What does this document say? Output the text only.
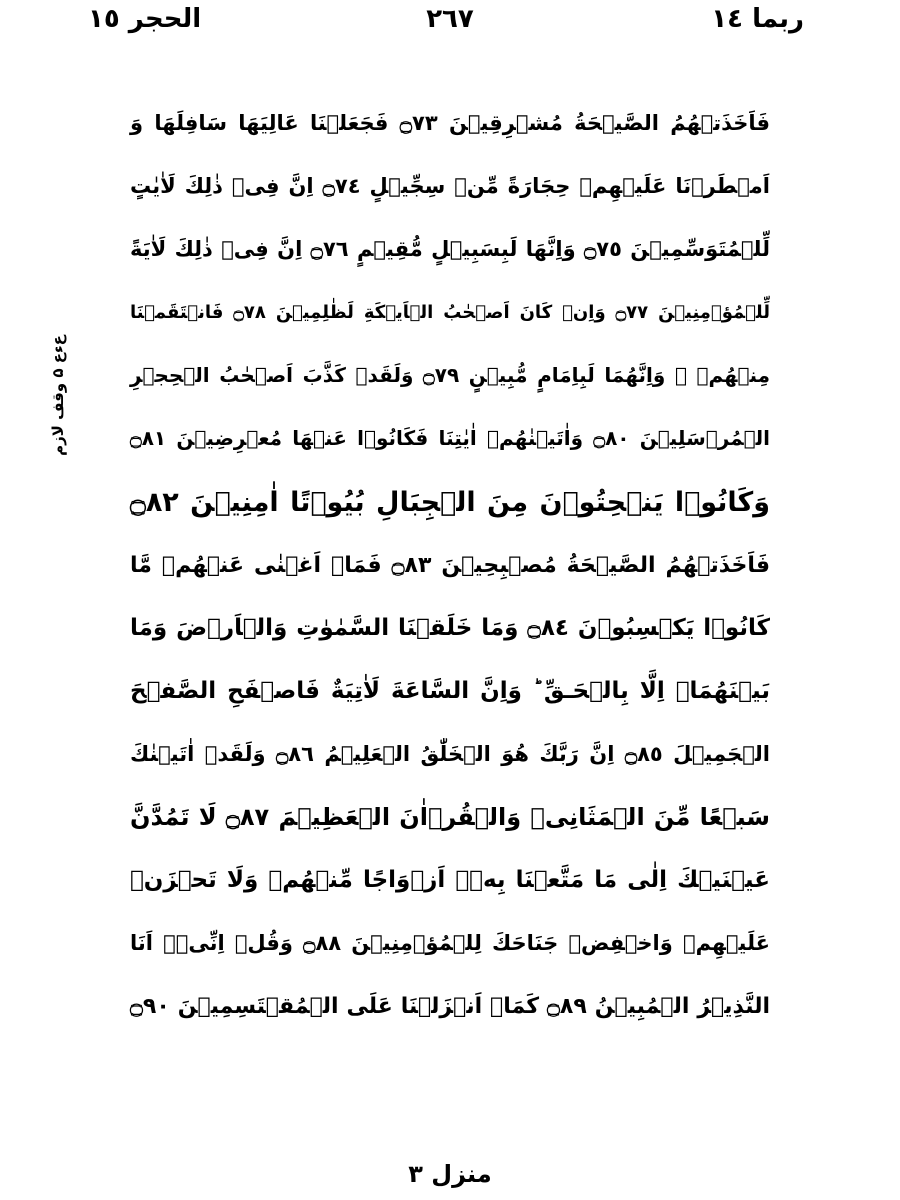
الحجر ١٥	٢٦٧	ربما ١٤
عءع ۵ وقف لازم
فَاَخَذَتۡهُمُ الصَّيۡحَةُ مُشۡرِقِيۡنَ ۝٧٣ فَجَعَلۡنَا عَالِيَهَا سَافِلَهَا وَ
اَمۡطَرۡنَا عَلَيۡهِمۡ حِجَارَةً مِّنۡ سِجِّيۡلٍ ۝٧٤ اِنَّ فِىۡ ذٰلِكَ لَاٰيٰتٍ
لِّلۡمُتَوَسِّمِيۡنَ ۝٧٥ وَاِنَّهَا لَبِسَبِيۡلٍ مُّقِيۡمٍ ۝٧٦ اِنَّ فِىۡ ذٰلِكَ لَاٰيَةً
لِّلۡمُؤۡمِنِيۡنَ ۝٧٧ وَاِنۡ كَانَ اَصۡحٰبُ الۡاَيۡكَةِ لَظٰلِمِيۡنَ ۝٧٨ فَانۡتَقَمۡنَا
مِنۡهُمۡ ۘ وَاِنَّهُمَا لَبِاِمَامٍ مُّبِيۡنٍ ۝٧٩ وَلَقَدۡ كَذَّبَ اَصۡحٰبُ الۡحِجۡرِ
الۡمُرۡسَلِيۡنَ ۝٨٠ وَاٰتَيۡنٰهُمۡ اٰيٰتِنَا فَكَانُوۡا عَنۡهَا مُعۡرِضِيۡنَ ۝٨١
وَكَانُوۡا يَنۡحِتُوۡنَ مِنَ الۡجِبَالِ بُيُوۡتًا اٰمِنِيۡنَ ۝٨٢
فَاَخَذَتۡهُمُ الصَّيۡحَةُ مُصۡبِحِيۡنَ ۝٨٣ فَمَاۤ اَغۡنٰى عَنۡهُمۡ مَّا
كَانُوۡا يَكۡسِبُوۡنَ ۝٨٤ وَمَا خَلَقۡنَا السَّمٰوٰتِ وَالۡاَرۡضَ وَمَا
بَيۡنَهُمَاۤ اِلَّا بِالۡحَـقِّ ؕ وَاِنَّ السَّاعَةَ لَاٰتِيَةٌ فَاصۡفَحِ الصَّفۡحَ
الۡجَمِيۡلَ ۝٨٥ اِنَّ رَبَّكَ هُوَ الۡخَلّٰقُ الۡعَلِيۡمُ ۝٨٦ وَلَقَدۡ اٰتَيۡنٰكَ
سَبۡعًا مِّنَ الۡمَثَانِىۡ وَالۡقُرۡاٰنَ الۡعَظِيۡمَ ۝٨٧ لَا تَمُدَّنَّ
عَيۡنَيۡكَ اِلٰى مَا مَتَّعۡنَا بِهٖۤ اَزۡوَاجًا مِّنۡهُمۡ وَلَا تَحۡزَنۡ
عَلَيۡهِمۡ وَاخۡفِضۡ جَنَاحَكَ لِلۡمُؤۡمِنِيۡنَ ۝٨٨ وَقُلۡ اِنِّىۡۤ اَنَا
النَّذِيۡرُ الۡمُبِيۡنُ ۝٨٩ كَمَاۤ اَنۡزَلۡنَا عَلَى الۡمُقۡتَسِمِيۡنَ ۝٩٠
منزل ٣
